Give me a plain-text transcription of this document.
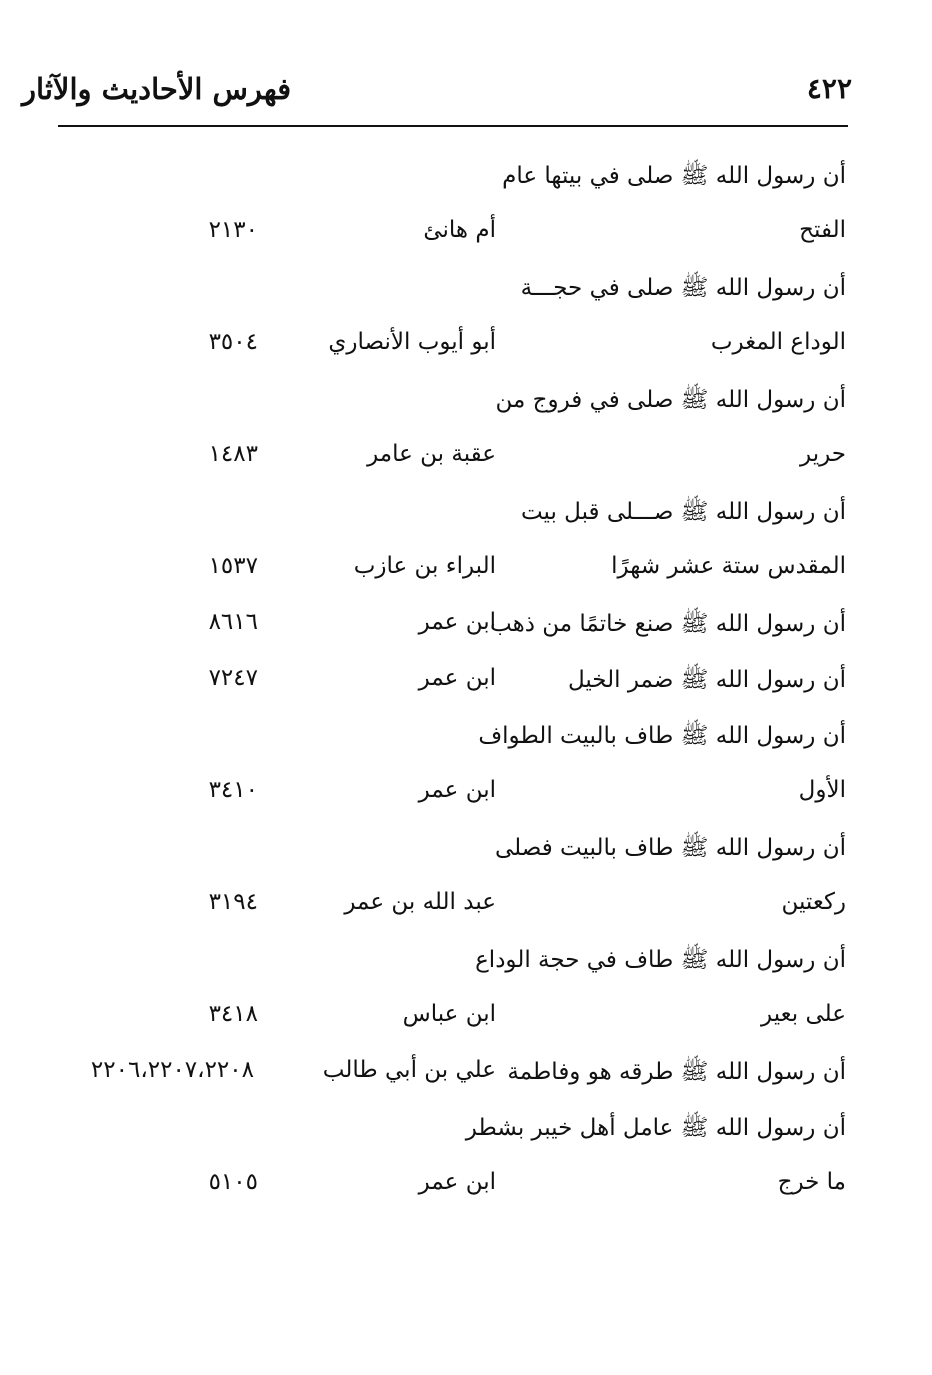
٤٢٢
فهرس الأحاديث والآثار
أن رسول الله ﷺ صلى في بيتها عام
الفتح
أم هانئ
٢١٣٠
أن رسول الله ﷺ صلى في حجـــة
الوداع المغرب
أبو أيوب الأنصاري
٣٥٠٤
أن رسول الله ﷺ صلى في فروج من
حرير
عقبة بن عامر
١٤٨٣
أن رسول الله ﷺ صـــلى قبل بيت
المقدس ستة عشر شهرًا
البراء بن عازب
١٥٣٧
أن رسول الله ﷺ صنع خاتمًا من ذهب
ابن عمر
٨٦١٦
أن رسول الله ﷺ ضمر الخيل
ابن عمر
٧٢٤٧
أن رسول الله ﷺ طاف بالبيت الطواف
الأول
ابن عمر
٣٤١٠
أن رسول الله ﷺ طاف بالبيت فصلى
ركعتين
عبد الله بن عمر
٣١٩٤
أن رسول الله ﷺ طاف في حجة الوداع
على بعير
ابن عباس
٣٤١٨
أن رسول الله ﷺ طرقه هو وفاطمة
علي بن أبي طالب
٢٢٠٦،٢٢٠٧،٢٢٠٨
أن رسول الله ﷺ عامل أهل خيبر بشطر
ما خرج
ابن عمر
٥١٠٥
